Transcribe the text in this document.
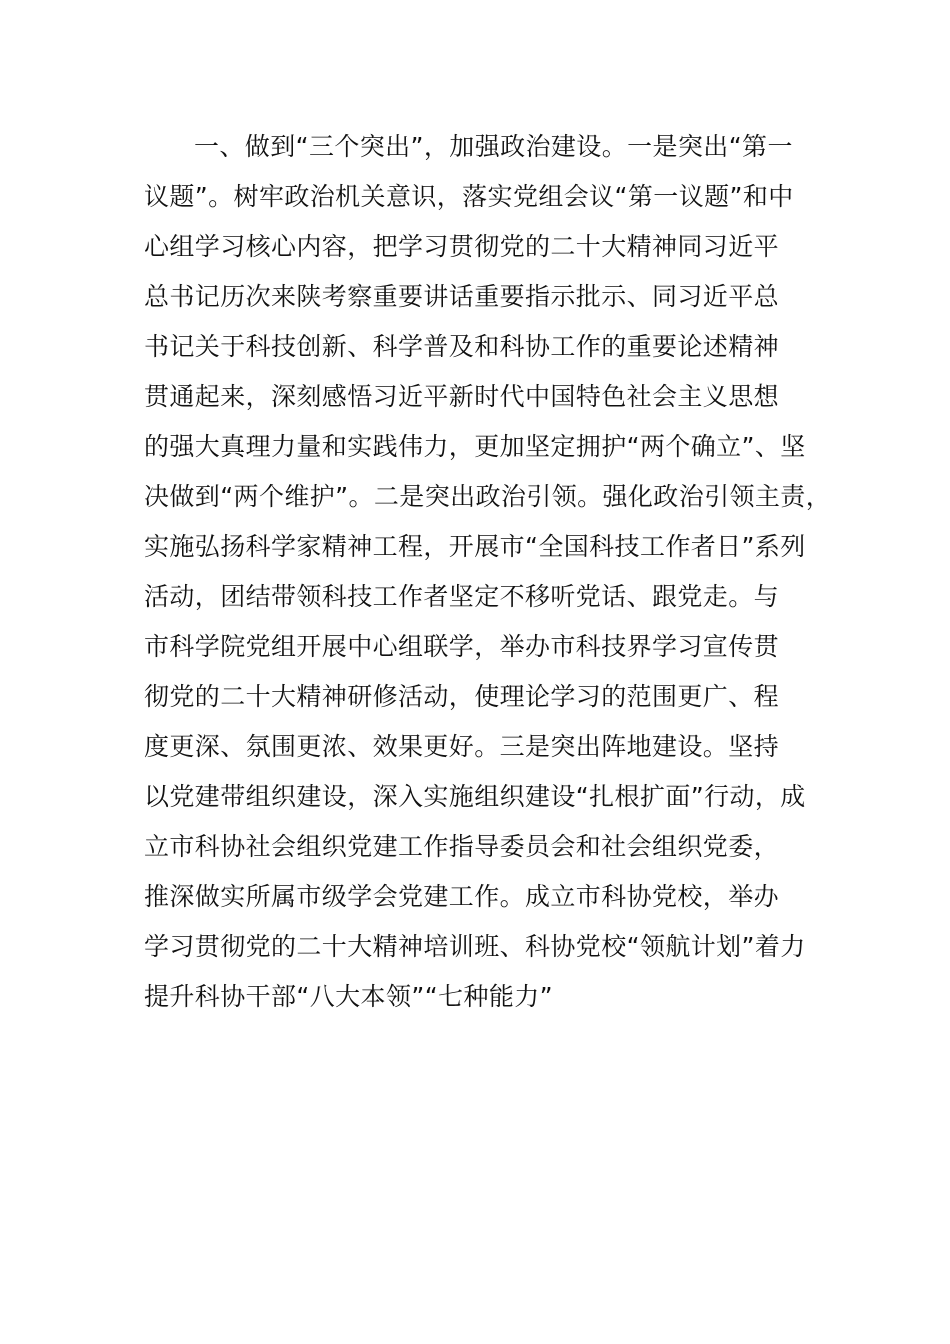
一、做到“三个突出”，加强政治建设。一是突出“第一
议题”。树牢政治机关意识，落实党组会议“第一议题”和中
心组学习核心内容，把学习贯彻党的二十大精神同习近平
总书记历次来陕考察重要讲话重要指示批示、同习近平总
书记关于科技创新、科学普及和科协工作的重要论述精神
贯通起来，深刻感悟习近平新时代中国特色社会主义思想
的强大真理力量和实践伟力，更加坚定拥护“两个确立”、坚
决做到“两个维护”。二是突出政治引领。强化政治引领主责，
实施弘扬科学家精神工程，开展市“全国科技工作者日”系列
活动，团结带领科技工作者坚定不移听党话、跟党走。与
市科学院党组开展中心组联学，举办市科技界学习宣传贯
彻党的二十大精神研修活动，使理论学习的范围更广、程
度更深、氛围更浓、效果更好。三是突出阵地建设。坚持
以党建带组织建设，深入实施组织建设“扎根扩面”行动，成
立市科协社会组织党建工作指导委员会和社会组织党委，
推深做实所属市级学会党建工作。成立市科协党校，举办
学习贯彻党的二十大精神培训班、科协党校“领航计划”着力
提升科协干部“八大本领”“七种能力”
